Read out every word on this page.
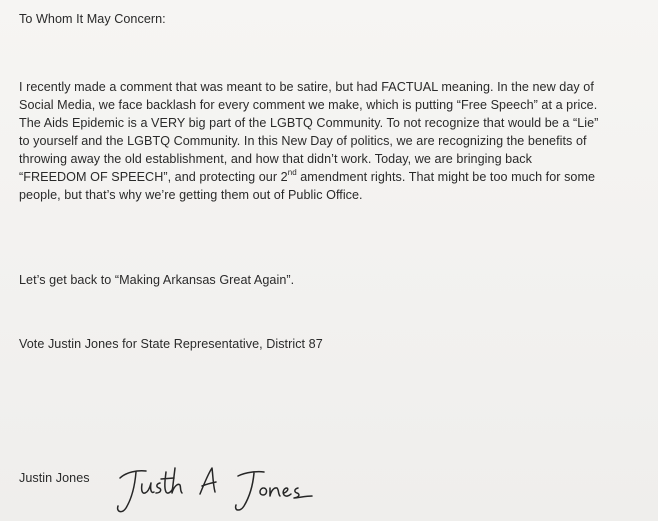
To Whom It May Concern:
I recently made a comment that was meant to be satire, but had FACTUAL meaning. In the new day of
Social Media, we face backlash for every comment we make, which is putting “Free Speech” at a price.
The Aids Epidemic is a VERY big part of the LGBTQ Community. To not recognize that would be a “Lie”
to yourself and the LGBTQ Community. In this New Day of politics, we are recognizing the benefits of
throwing away the old establishment, and how that didn’t work. Today, we are bringing back
“FREEDOM OF SPEECH”, and protecting our 2nd amendment rights. That might be too much for some
people, but that’s why we’re getting them out of Public Office.
Let’s get back to “Making Arkansas Great Again”.
Vote Justin Jones for State Representative, District 87
Justin Jones
